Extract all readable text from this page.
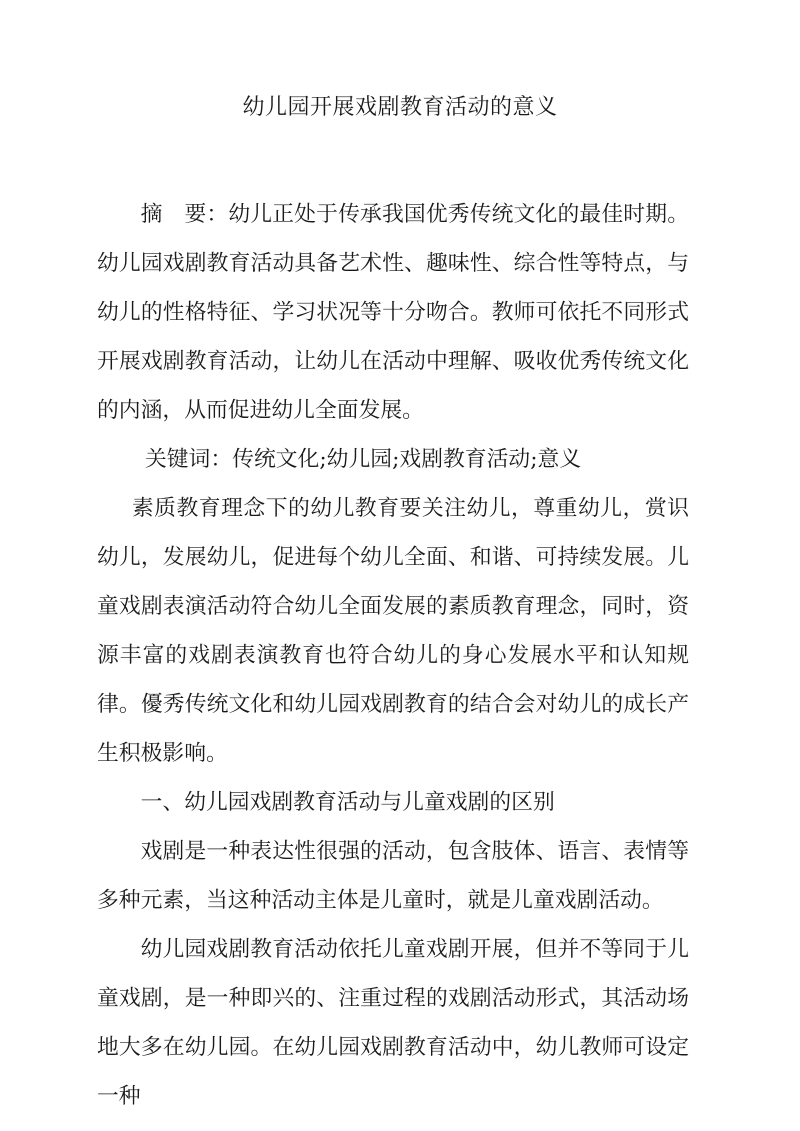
幼儿园开展戏剧教育活动的意义

摘　要：幼儿正处于传承我国优秀传统文化的最佳时期。幼儿园戏剧教育活动具备艺术性、趣味性、综合性等特点，与幼儿的性格特征、学习状况等十分吻合。教师可依托不同形式开展戏剧教育活动，让幼儿在活动中理解、吸收优秀传统文化的内涵，从而促进幼儿全面发展。

关键词：传统文化;幼儿园;戏剧教育活动;意义

素质教育理念下的幼儿教育要关注幼儿，尊重幼儿，赏识幼儿，发展幼儿，促进每个幼儿全面、和谐、可持续发展。儿童戏剧表演活动符合幼儿全面发展的素质教育理念，同时，资源丰富的戏剧表演教育也符合幼儿的身心发展水平和认知规律。優秀传统文化和幼儿园戏剧教育的结合会对幼儿的成长产生积极影响。

一、幼儿园戏剧教育活动与儿童戏剧的区别

戏剧是一种表达性很强的活动，包含肢体、语言、表情等多种元素，当这种活动主体是儿童时，就是儿童戏剧活动。

幼儿园戏剧教育活动依托儿童戏剧开展，但并不等同于儿童戏剧，是一种即兴的、注重过程的戏剧活动形式，其活动场地大多在幼儿园。在幼儿园戏剧教育活动中，幼儿教师可设定一种
